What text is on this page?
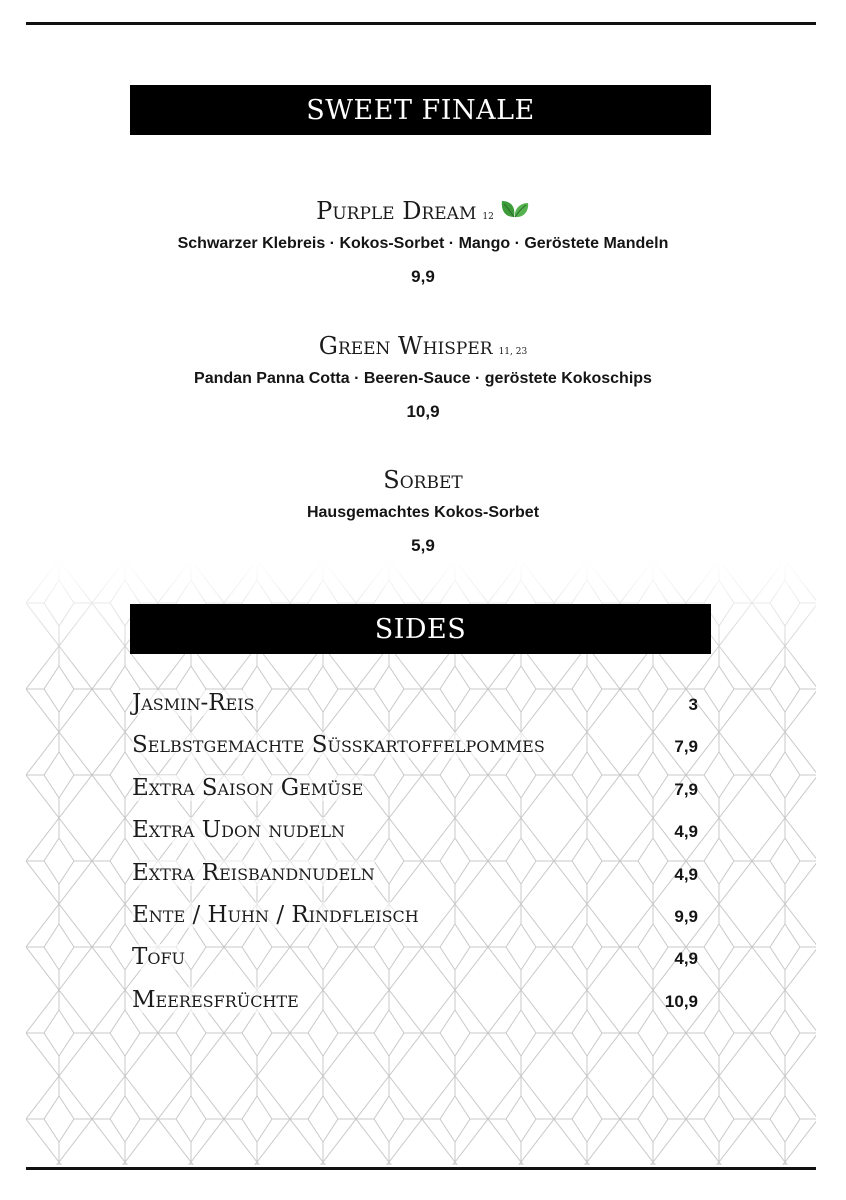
SWEET FINALE
Purple Dream 12
Schwarzer Klebreis · Kokos-Sorbet · Mango · Geröstete Mandeln
9,9
Green Whisper 11, 23
Pandan Panna Cotta · Beeren-Sauce · geröstete Kokoschips
10,9
Sorbet
Hausgemachtes Kokos-Sorbet
5,9
SIDES
Jasmin-Reis	3
Selbstgemachte Süßkartoffelpommes	7,9
Extra Saison Gemüse	7,9
Extra Udon nudeln	4,9
Extra Reisbandnudeln	4,9
Ente / Huhn / Rindfleisch	9,9
Tofu	4,9
Meeresfrüchte	10,9
